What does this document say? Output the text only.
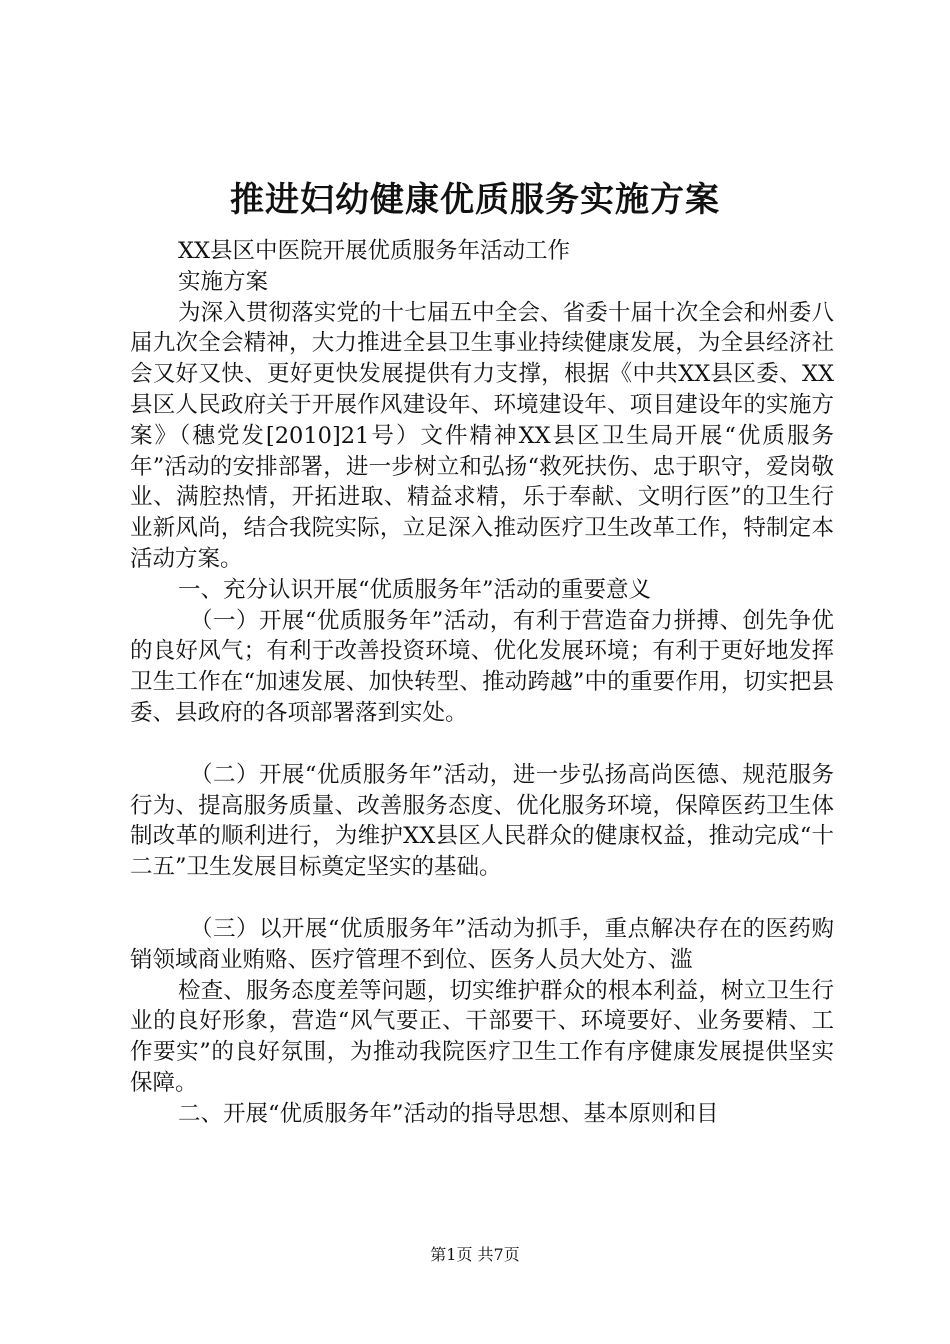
推进妇幼健康优质服务实施方案

XX县区中医院开展优质服务年活动工作

实施方案

为深入贯彻落实党的十七届五中全会、省委十届十次全会和州委八届九次全会精神，大力推进全县卫生事业持续健康发展，为全县经济社会又好又快、更好更快发展提供有力支撑，根据《中共XX县区委、XX县区人民政府关于开展作风建设年、环境建设年、项目建设年的实施方案》（穗党发[2010]21号）文件精神XX县区卫生局开展“优质服务年”活动的安排部署，进一步树立和弘扬“救死扶伤、忠于职守，爱岗敬业、满腔热情，开拓进取、精益求精，乐于奉献、文明行医”的卫生行业新风尚，结合我院实际，立足深入推动医疗卫生改革工作，特制定本活动方案。

一、充分认识开展“优质服务年”活动的重要意义

（一）开展“优质服务年”活动，有利于营造奋力拼搏、创先争优的良好风气；有利于改善投资环境、优化发展环境；有利于更好地发挥卫生工作在“加速发展、加快转型、推动跨越”中的重要作用，切实把县委、县政府的各项部署落到实处。

（二）开展“优质服务年”活动，进一步弘扬高尚医德、规范服务行为、提高服务质量、改善服务态度、优化服务环境，保障医药卫生体制改革的顺利进行，为维护XX县区人民群众的健康权益，推动完成“十二五”卫生发展目标奠定坚实的基础。

（三）以开展“优质服务年”活动为抓手，重点解决存在的医药购销领域商业贿赂、医疗管理不到位、医务人员大处方、滥

检查、服务态度差等问题，切实维护群众的根本利益，树立卫生行业的良好形象，营造“风气要正、干部要干、环境要好、业务要精、工作要实”的良好氛围，为推动我院医疗卫生工作有序健康发展提供坚实保障。

二、开展“优质服务年”活动的指导思想、基本原则和目

第1页 共7页
